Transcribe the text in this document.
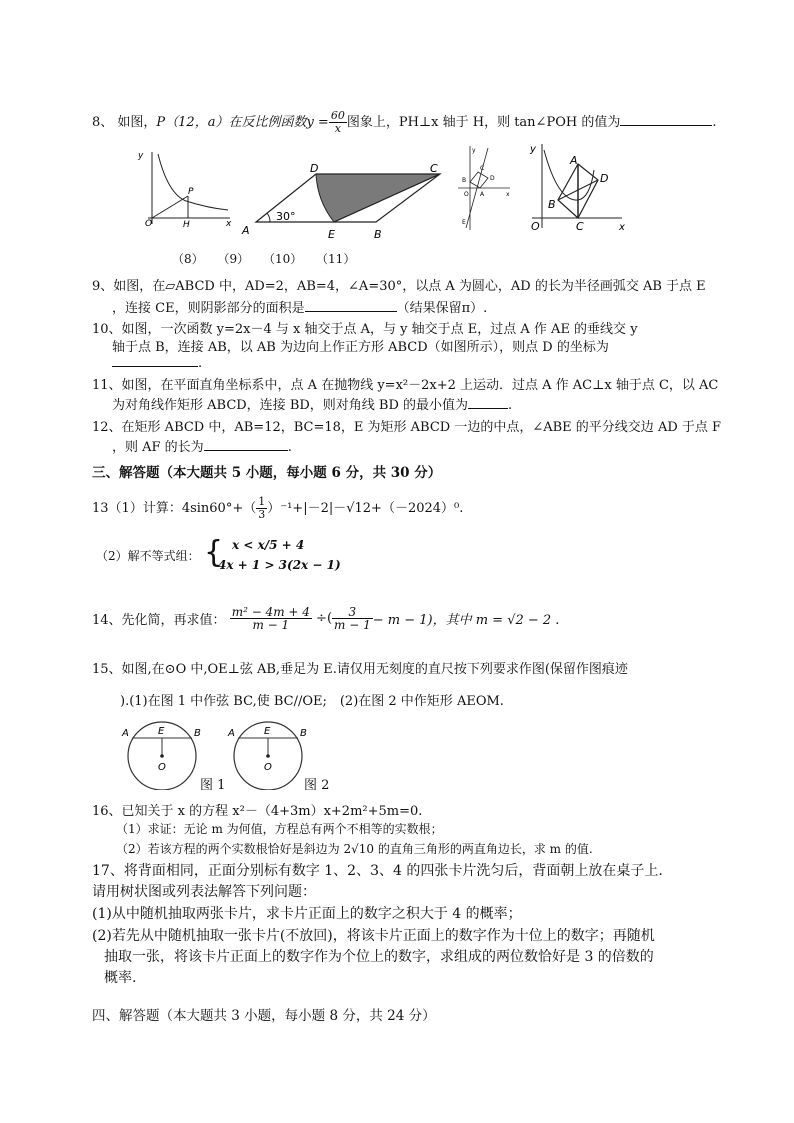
8、 如图，P（12，a）在反比例函数$y = \frac{60}{x}$ 图象上，PH⊥x 轴于 H，则 tan∠POH 的值为	.
y
x
O
P
H
30°
A	B
C
D
E
y
x
C
D
B
A
O
E
A
D
B
C
O
y
x
（8） （9） （10） （11）
9、如图，在▱ABCD 中，AD=2，AB=4，∠A=30°，以点 A 为圆心，AD 的长为半径画弧交 AB 于点 E
，连接 CE，则阴影部分的面积是	（结果保留π）.
10、如图，一次函数 y=2x－4 与 x 轴交于点 A，与 y 轴交于点 E，过点 A 作 AE 的垂线交 y
轴于点 B，连接 AB，以 AB 为边向上作正方形 ABCD（如图所示），则点 D 的坐标为
.
11、如图，在平面直角坐标系中，点 A 在抛物线 y=x²－2x+2 上运动．过点 A 作 AC⊥x 轴于点 C，以 AC
为对角线作矩形 ABCD，连接 BD，则对角线 BD 的最小值为	.
12、在矩形 ABCD 中，AB=12，BC=18，E 为矩形 ABCD 一边的中点，∠ABE 的平分线交边 AD 于点 F
，则 AF 的长为	.
三、解答题（本大题共 5 小题，每小题 6 分，共 30 分）
13（1）计算：$4\sin 60^\circ+( \frac{1}{3} )^{-1}+|-2|-√12+(-2024)^0$.
（2）解不等式组： { x < x/5 + 4
4x + 1 > 3(2x − 1)
14、先化简，再求值： $\frac{\text{m² − 4m + 4}}{m - 1}$ ÷( $\frac{3}{m - 1} - m - 1$)，其中 m = √2 − 2 .
15、如图,在⊙O 中,OE⊥弦 AB,垂足为 E.请仅用无刻度的直尺按下列要求作图(保留作图痕迹
).(1)在图 1 中作弦 BC,使 BC//OE;　(2)在图 2 中作矩形 AEOM.
A	B
E
O
A	B
E
O
图 1	图 2
16、已知关于 x 的方程 x²－（4+3m）x+2m²+5m=0.
（1）求证：无论 m 为何值，方程总有两个不相等的实数根；
（2）若该方程的两个实数根恰好是斜边为 2√10 的直角三角形的两直角边长，求 m 的值.
17、将背面相同，正面分别标有数字 1、2、3、4 的四张卡片洗匀后，背面朝上放在桌子上.
请用树状图或列表法解答下列问题：
(1)从中随机抽取两张卡片，求卡片正面上的数字之积大于 4 的概率；
(2)若先从中随机抽取一张卡片(不放回)，将该卡片正面上的数字作为十位上的数字；再随机
抽取一张，将该卡片正面上的数字作为个位上的数字，求组成的两位数恰好是 3 的倍数的
概率.
四、解答题（本大题共 3 小题，每小题 8 分，共 24 分）
